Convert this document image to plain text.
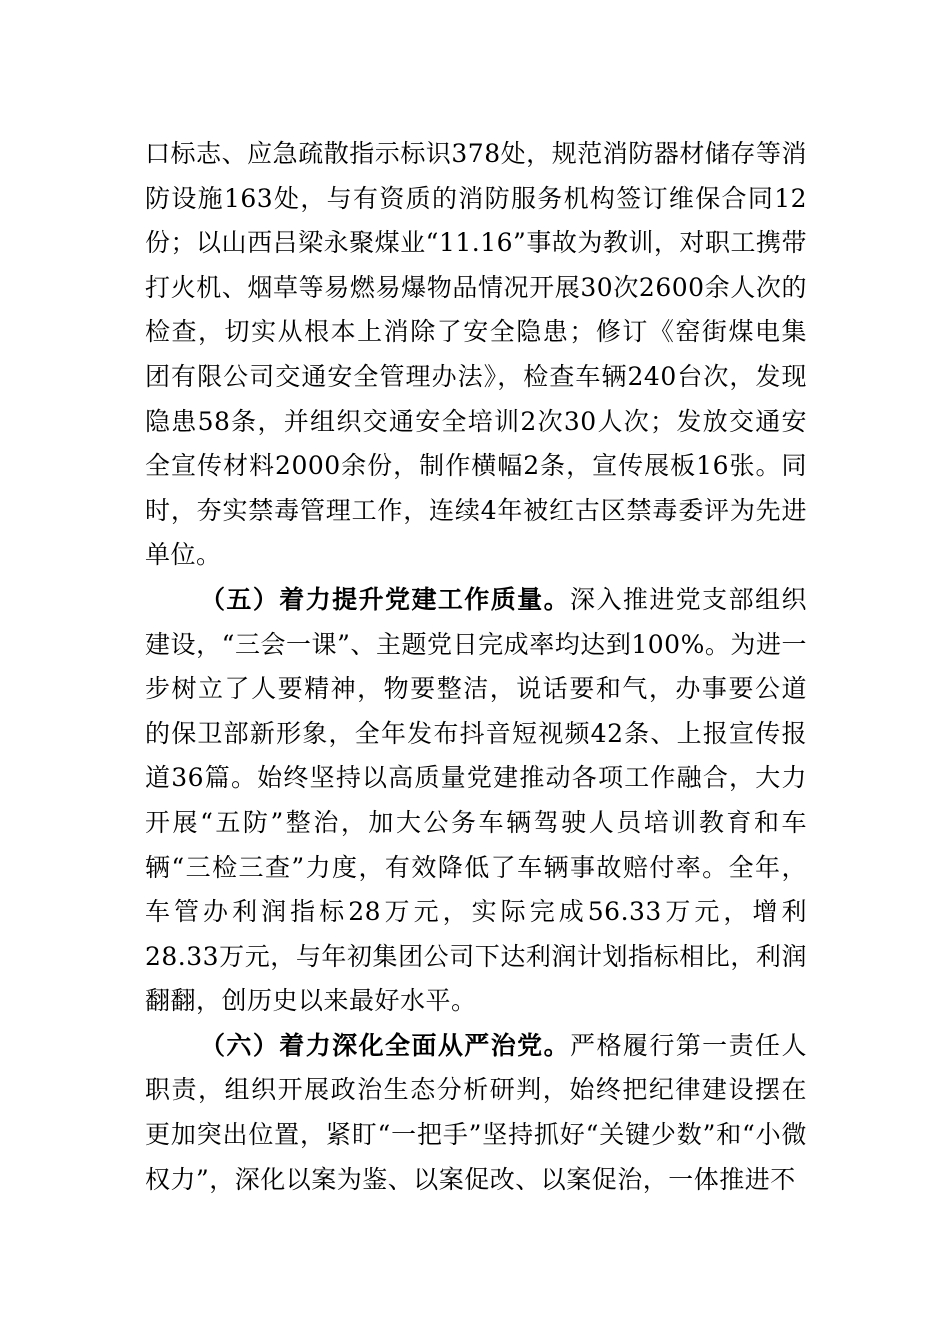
口标志、应急疏散指示标识378处，规范消防器材储存等消防设施163处，与有资质的消防服务机构签订维保合同12份；以山西吕梁永聚煤业“11.16”事故为教训，对职工携带打火机、烟草等易燃易爆物品情况开展30次2600余人次的检查，切实从根本上消除了安全隐患；修订《窑街煤电集团有限公司交通安全管理办法》，检查车辆240台次，发现隐患58条，并组织交通安全培训2次30人次；发放交通安全宣传材料2000余份，制作横幅2条，宣传展板16张。同时，夯实禁毒管理工作，连续4年被红古区禁毒委评为先进单位。

（五）着力提升党建工作质量。深入推进党支部组织建设，“三会一课”、主题党日完成率均达到100%。为进一步树立了人要精神，物要整洁，说话要和气，办事要公道的保卫部新形象，全年发布抖音短视频42条、上报宣传报道36篇。始终坚持以高质量党建推动各项工作融合，大力开展“五防”整治，加大公务车辆驾驶人员培训教育和车辆“三检三查”力度，有效降低了车辆事故赔付率。全年，车管办利润指标28万元，实际完成56.33万元，增利28.33万元，与年初集团公司下达利润计划指标相比，利润翻翻，创历史以来最好水平。

（六）着力深化全面从严治党。严格履行第一责任人职责，组织开展政治生态分析研判，始终把纪律建设摆在更加突出位置，紧盯“一把手”坚持抓好“关键少数”和“小微权力”，深化以案为鉴、以案促改、以案促治，一体推进不
